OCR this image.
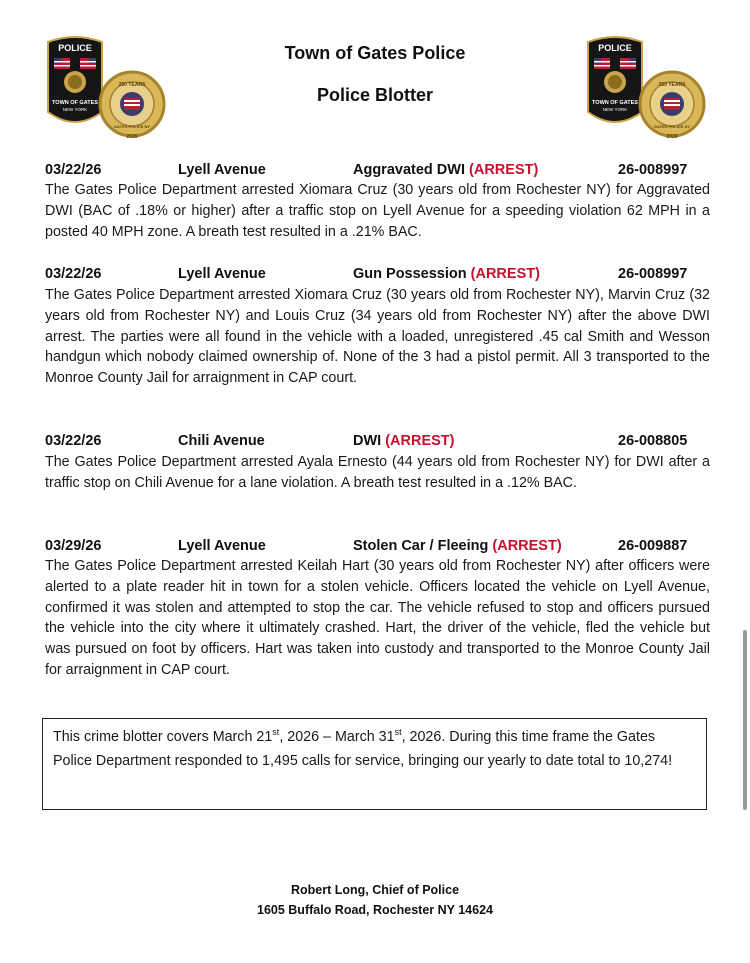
POLICE
TOWN OF GATES
NEW YORK
250 YEARS
GATES POLICE NY
2026
POLICE
TOWN OF GATES
NEW YORK
250 YEARS
GATES POLICE NY
2026
Town of Gates Police
Police Blotter
03/22/26	Lyell Avenue	Aggravated DWI (ARREST)	26-008997
The Gates Police Department arrested Xiomara Cruz (30 years old from Rochester NY) for Aggravated DWI (BAC of .18% or higher) after a traffic stop on Lyell Avenue for a speeding violation 62 MPH in a posted 40 MPH zone. A breath test resulted in a .21% BAC.
03/22/26	Lyell Avenue	Gun Possession (ARREST)	26-008997
The Gates Police Department arrested Xiomara Cruz (30 years old from Rochester NY), Marvin Cruz (32 years old from Rochester NY) and Louis Cruz (34 years old from Rochester NY) after the above DWI arrest. The parties were all found in the vehicle with a loaded, unregistered .45 cal Smith and Wesson handgun which nobody claimed ownership of. None of the 3 had a pistol permit. All 3 transported to the Monroe County Jail for arraignment in CAP court.
03/22/26	Chili Avenue	DWI (ARREST)	26-008805
The Gates Police Department arrested Ayala Ernesto (44 years old from Rochester NY) for DWI after a traffic stop on Chili Avenue for a lane violation. A breath test resulted in a .12% BAC.
03/29/26	Lyell Avenue	Stolen Car / Fleeing (ARREST)	26-009887
The Gates Police Department arrested Keilah Hart (30 years old from Rochester NY) after officers were alerted to a plate reader hit in town for a stolen vehicle. Officers located the vehicle on Lyell Avenue, confirmed it was stolen and attempted to stop the car. The vehicle refused to stop and officers pursued the vehicle into the city where it ultimately crashed. Hart, the driver of the vehicle, fled the vehicle but was pursued on foot by officers. Hart was taken into custody and transported to the Monroe County Jail for arraignment in CAP court.
This crime blotter covers March 21st, 2026 – March 31st, 2026. During this time frame the Gates Police Department responded to 1,495 calls for service, bringing our yearly to date total to 10,274!
Robert Long, Chief of Police
1605 Buffalo Road, Rochester NY 14624
